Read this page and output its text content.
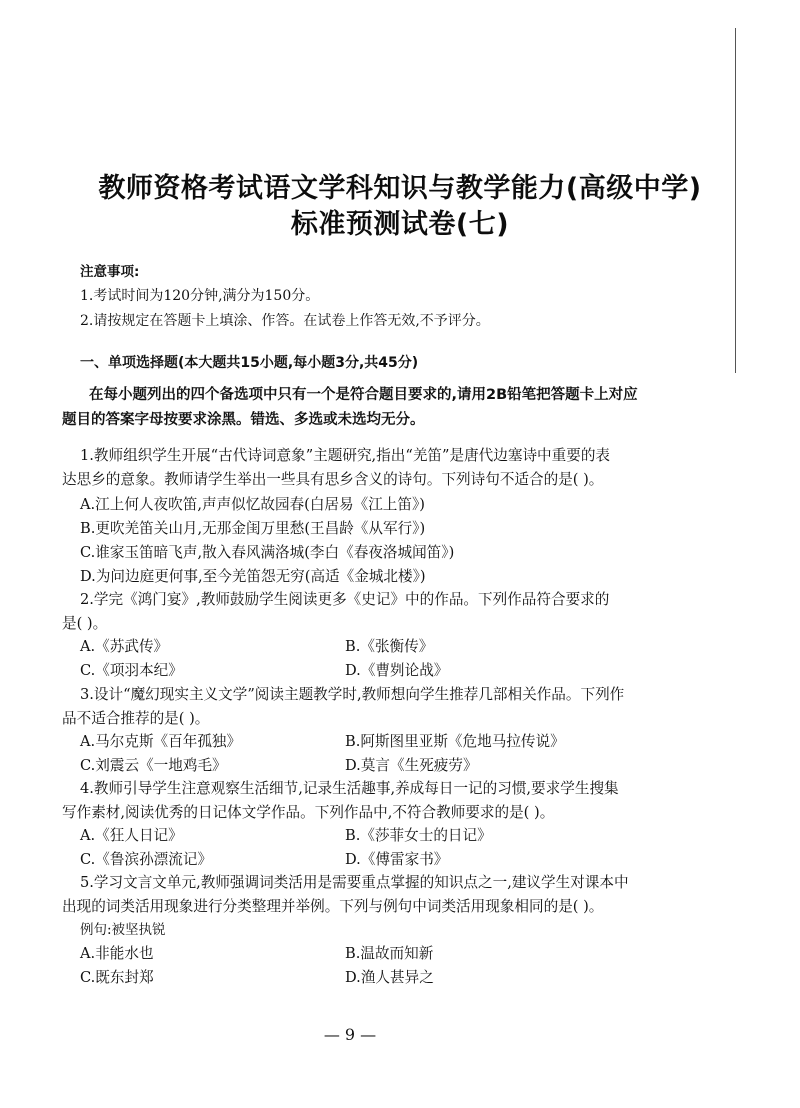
教师资格考试语文学科知识与教学能力(高级中学)
标准预测试卷(七)
注意事项:
1.考试时间为120分钟,满分为150分。
2.请按规定在答题卡上填涂、作答。在试卷上作答无效,不予评分。
一、单项选择题(本大题共15小题,每小题3分,共45分)
在每小题列出的四个备选项中只有一个是符合题目要求的,请用2B铅笔把答题卡上对应
题目的答案字母按要求涂黑。错选、多选或未选均无分。
1.教师组织学生开展“古代诗词意象”主题研究,指出“羌笛”是唐代边塞诗中重要的表
达思乡的意象。教师请学生举出一些具有思乡含义的诗句。下列诗句不适合的是( )。
A.江上何人夜吹笛,声声似忆故园春(白居易《江上笛》)
B.更吹羌笛关山月,无那金闺万里愁(王昌龄《从军行》)
C.谁家玉笛暗飞声,散入春风满洛城(李白《春夜洛城闻笛》)
D.为问边庭更何事,至今羌笛怨无穷(高适《金城北楼》)
2.学完《鸿门宴》,教师鼓励学生阅读更多《史记》中的作品。下列作品符合要求的
是( )。
A.《苏武传》	B.《张衡传》
C.《项羽本纪》	D.《曹刿论战》
3.设计“魔幻现实主义文学”阅读主题教学时,教师想向学生推荐几部相关作品。下列作
品不适合推荐的是( )。
A.马尔克斯《百年孤独》	B.阿斯图里亚斯《危地马拉传说》
C.刘震云《一地鸡毛》	D.莫言《生死疲劳》
4.教师引导学生注意观察生活细节,记录生活趣事,养成每日一记的习惯,要求学生搜集
写作素材,阅读优秀的日记体文学作品。下列作品中,不符合教师要求的是( )。
A.《狂人日记》	B.《莎菲女士的日记》
C.《鲁滨孙漂流记》	D.《傅雷家书》
5.学习文言文单元,教师强调词类活用是需要重点掌握的知识点之一,建议学生对课本中
出现的词类活用现象进行分类整理并举例。下列与例句中词类活用现象相同的是( )。
例句:被坚执锐
A.非能水也	B.温故而知新
C.既东封郑	D.渔人甚异之
— 9 —
